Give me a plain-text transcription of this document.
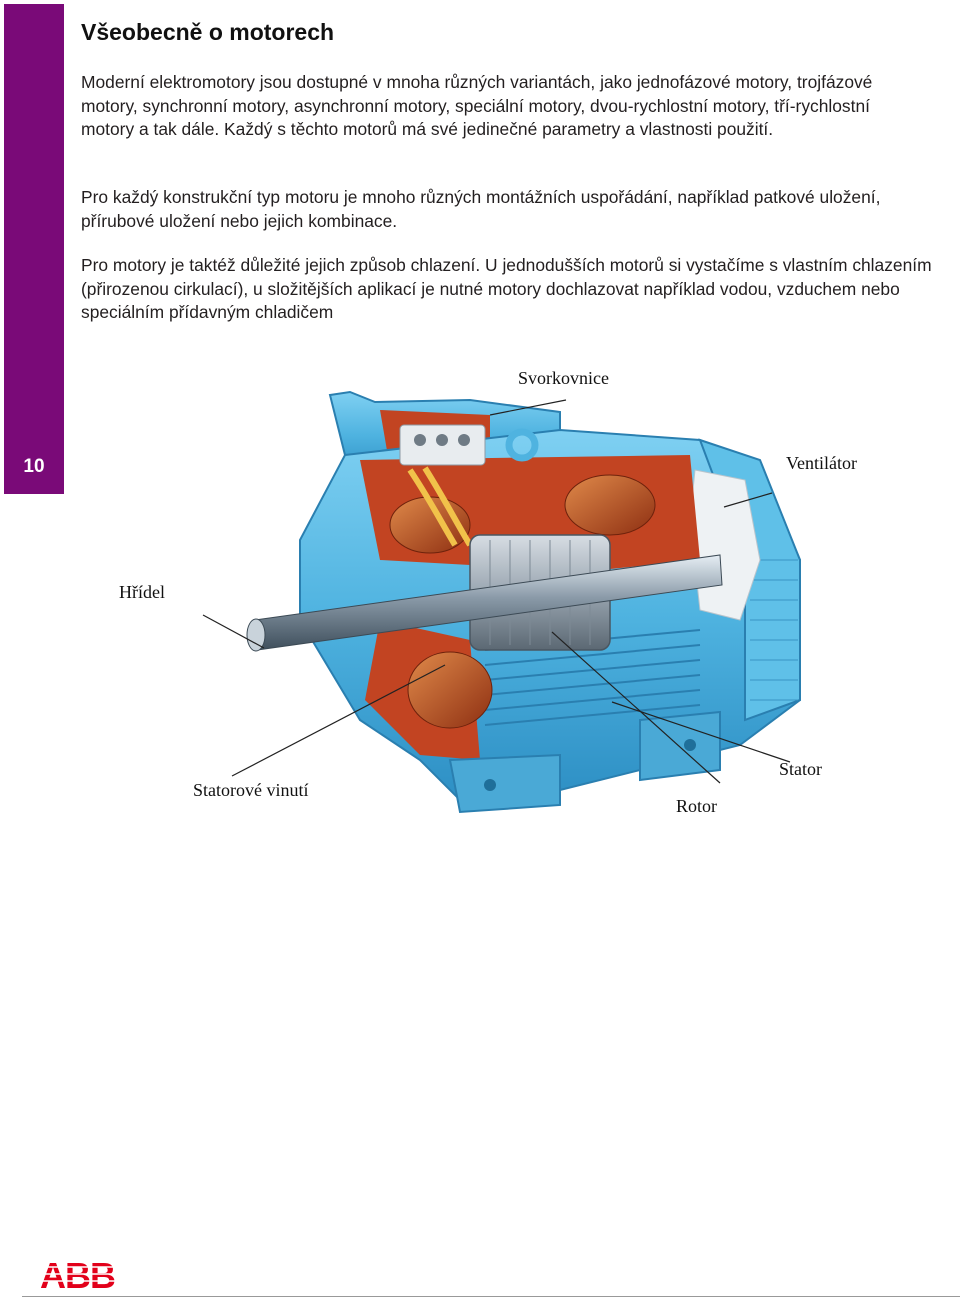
10
Všeobecně o motorech

Moderní elektromotory jsou dostupné v mnoha různých variantách, jako jednofázové motory, trojfázové motory, synchronní motory, asynchronní motory, speciální motory, dvou-rychlostní motory, tří-rychlostní motory a tak dále. Každý s těchto motorů má své jedinečné parametry a vlastnosti použití.

Pro každý konstrukční typ motoru je mnoho různých montážních uspořádání, například patkové uložení, přírubové uložení nebo jejich kombinace.

Pro motory je taktéž důležité jejich způsob chlazení. U jednodušších motorů si vystačíme s vlastním chlazením (přirozenou cirkulací), u složitějších aplikací je nutné motory dochlazovat například vodou, vzduchem nebo speciálním přídavným chladičem

Svorkovnice
Ventilátor
Hřídel
Statorové vinutí
Rotor
Stator
ABB
